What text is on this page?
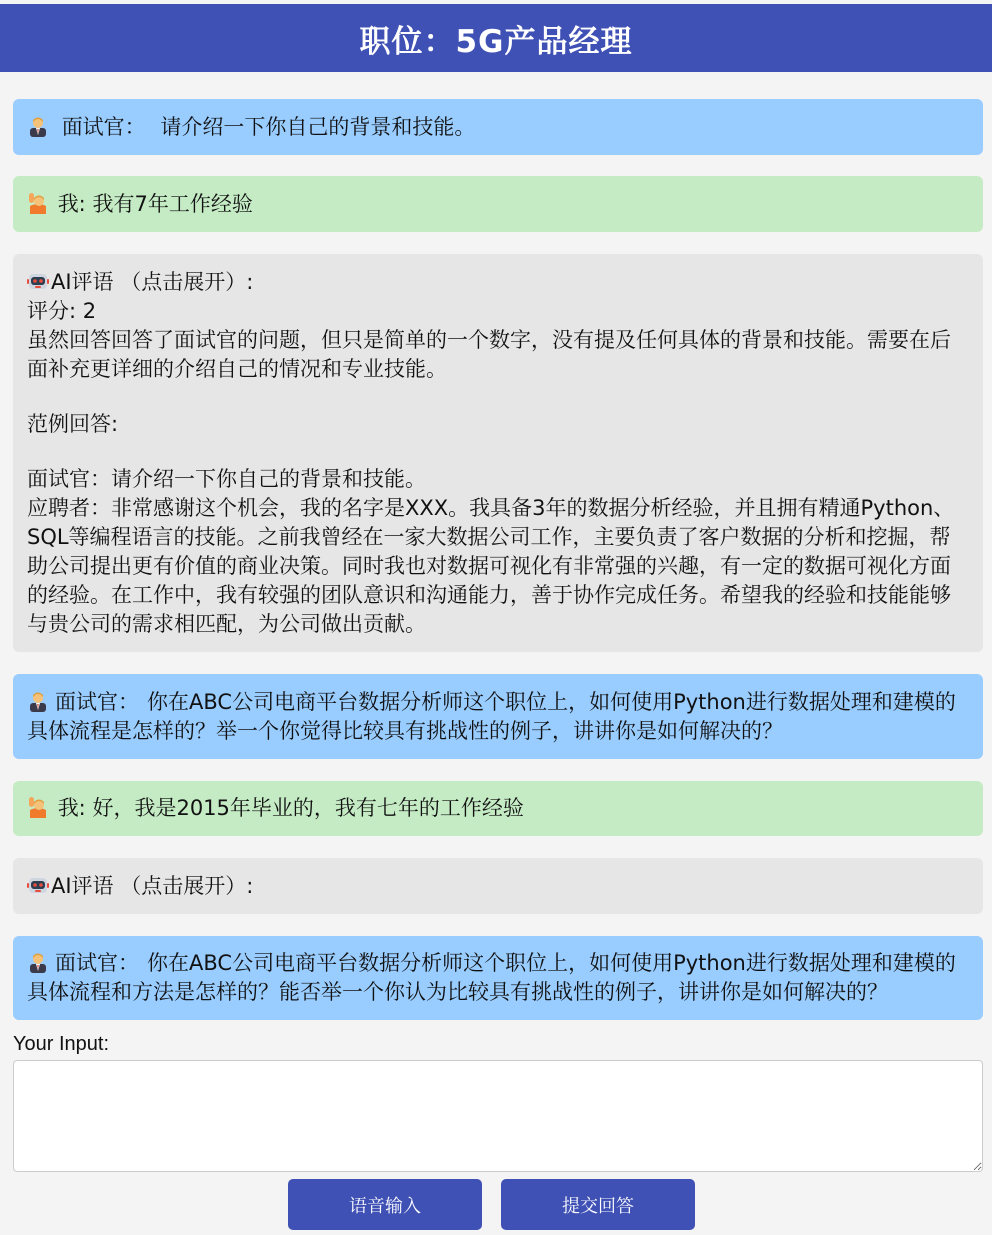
职位：5G产品经理
面试官： 请介绍一下你自己的背景和技能。
我: 我有7年工作经验

AI评语 （点击展开）:

评分: 2

虽然回答回答了面试官的问题，但只是简单的一个数字，没有提及任何具体的背景和技能。需要在后面补充更详细的介绍自己的情况和专业技能。

范例回答:

面试官：请介绍一下你自己的背景和技能。

应聘者：非常感谢这个机会，我的名字是XXX。我具备3年的数据分析经验，并且拥有精通Python、SQL等编程语言的技能。之前我曾经在一家大数据公司工作，主要负责了客户数据的分析和挖掘，帮助公司提出更有价值的商业决策。同时我也对数据可视化有非常强的兴趣，有一定的数据可视化方面的经验。在工作中，我有较强的团队意识和沟通能力，善于协作完成任务。希望我的经验和技能能够与贵公司的需求相匹配，为公司做出贡献。

面试官： 你在ABC公司电商平台数据分析师这个职位上，如何使用Python进行数据处理和建模的具体流程是怎样的？举一个你觉得比较具有挑战性的例子，讲讲你是如何解决的？
我: 好，我是2015年毕业的，我有七年的工作经验
AI评语 （点击展开）:
面试官： 你在ABC公司电商平台数据分析师这个职位上，如何使用Python进行数据处理和建模的具体流程和方法是怎样的？能否举一个你认为比较具有挑战性的例子，讲讲你是如何解决的？
Your Input:
语音输入	提交回答
